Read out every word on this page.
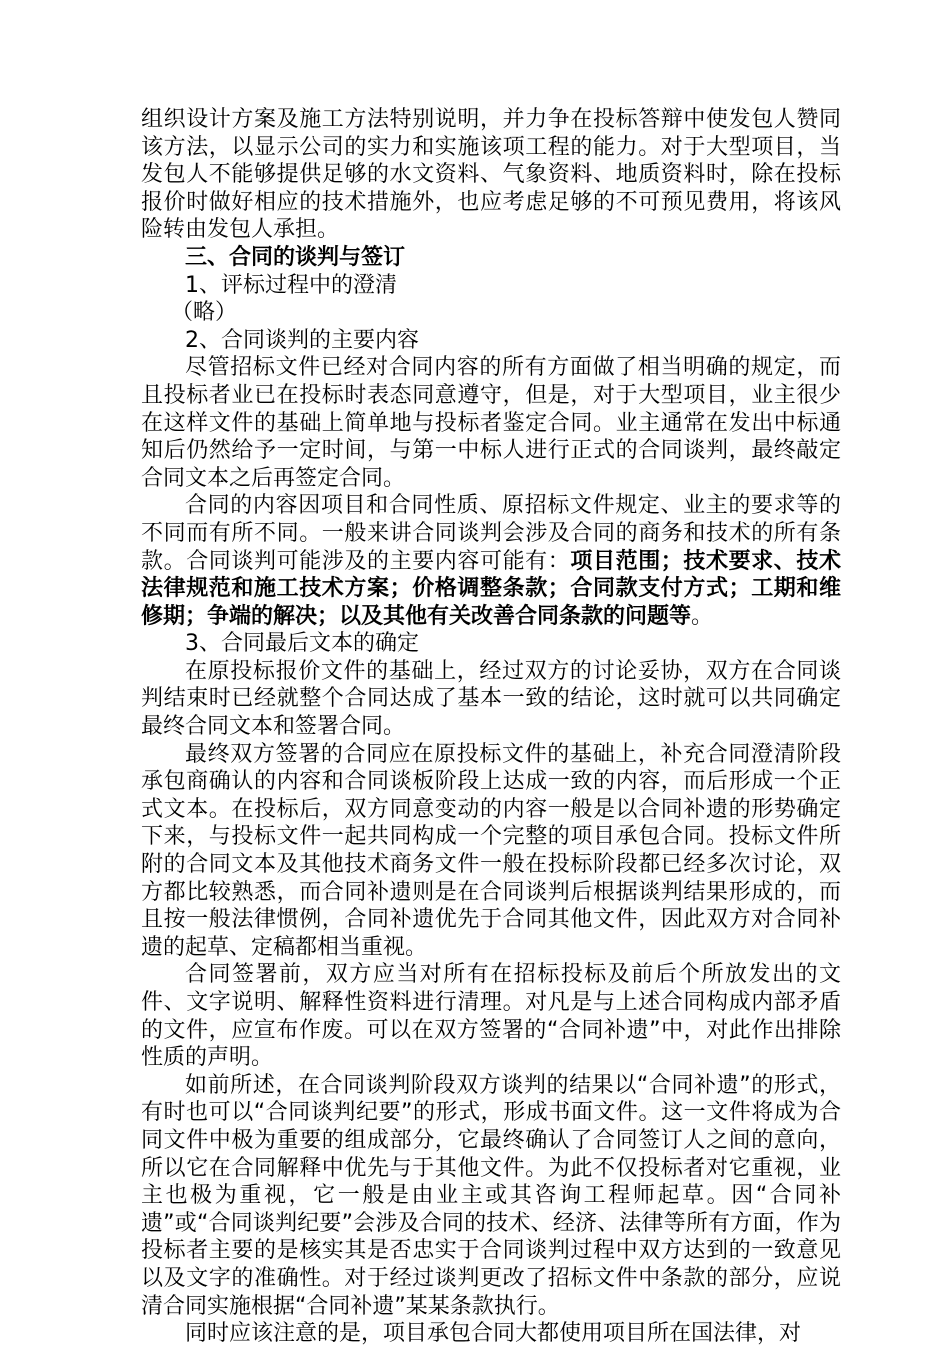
组织设计方案及施工方法特别说明，并力争在投标答辩中使发包人赞同该方法，以显示公司的实力和实施该项工程的能力。对于大型项目，当发包人不能够提供足够的水文资料、气象资料、地质资料时，除在投标报价时做好相应的技术措施外，也应考虑足够的不可预见费用，将该风险转由发包人承担。

三、合同的谈判与签订

1、评标过程中的澄清

（略）

2、合同谈判的主要内容

尽管招标文件已经对合同内容的所有方面做了相当明确的规定，而且投标者业已在投标时表态同意遵守，但是，对于大型项目，业主很少在这样文件的基础上简单地与投标者鉴定合同。业主通常在发出中标通知后仍然给予一定时间，与第一中标人进行正式的合同谈判，最终敲定合同文本之后再签定合同。

合同的内容因项目和合同性质、原招标文件规定、业主的要求等的不同而有所不同。一般来讲合同谈判会涉及合同的商务和技术的所有条款。合同谈判可能涉及的主要内容可能有：项目范围；技术要求、技术法律规范和施工技术方案；价格调整条款；合同款支付方式；工期和维修期；争端的解决；以及其他有关改善合同条款的问题等。

3、合同最后文本的确定

在原投标报价文件的基础上，经过双方的讨论妥协，双方在合同谈判结束时已经就整个合同达成了基本一致的结论，这时就可以共同确定最终合同文本和签署合同。

最终双方签署的合同应在原投标文件的基础上，补充合同澄清阶段承包商确认的内容和合同谈板阶段上达成一致的内容，而后形成一个正式文本。在投标后，双方同意变动的内容一般是以合同补遗的形势确定下来，与投标文件一起共同构成一个完整的项目承包合同。投标文件所附的合同文本及其他技术商务文件一般在投标阶段都已经多次讨论，双方都比较熟悉，而合同补遗则是在合同谈判后根据谈判结果形成的，而且按一般法律惯例，合同补遗优先于合同其他文件，因此双方对合同补遗的起草、定稿都相当重视。

合同签署前，双方应当对所有在招标投标及前后个所放发出的文件、文字说明、解释性资料进行清理。对凡是与上述合同构成内部矛盾的文件，应宣布作废。可以在双方签署的“合同补遗”中，对此作出排除性质的声明。

如前所述，在合同谈判阶段双方谈判的结果以“合同补遗”的形式，有时也可以“合同谈判纪要”的形式，形成书面文件。这一文件将成为合同文件中极为重要的组成部分，它最终确认了合同签订人之间的意向，所以它在合同解释中优先与于其他文件。为此不仅投标者对它重视，业主也极为重视，它一般是由业主或其咨询工程师起草。因“合同补遗”或“合同谈判纪要”会涉及合同的技术、经济、法律等所有方面，作为投标者主要的是核实其是否忠实于合同谈判过程中双方达到的一致意见以及文字的准确性。对于经过谈判更改了招标文件中条款的部分，应说清合同实施根据“合同补遗”某某条款执行。

同时应该注意的是，项目承包合同大都使用项目所在国法律，对
